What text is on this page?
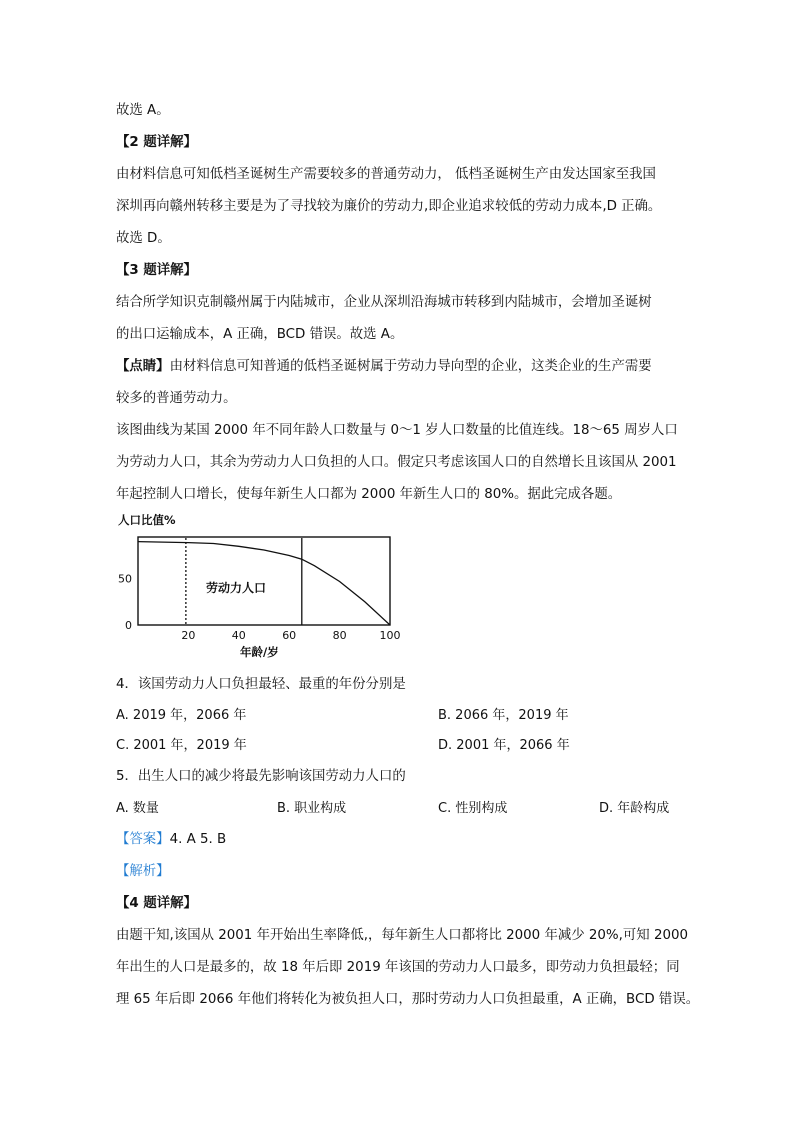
故选 A。

【2 题详解】

由材料信息可知低档圣诞树生产需要较多的普通劳动力， 低档圣诞树生产由发达国家至我国

深圳再向赣州转移主要是为了寻找较为廉价的劳动力,即企业追求较低的劳动力成本,D 正确。

故选 D。

【3 题详解】

结合所学知识克制赣州属于内陆城市，企业从深圳沿海城市转移到内陆城市，会增加圣诞树

的出口运输成本，A 正确，BCD 错误。故选 A。

【点睛】由材料信息可知普通的低档圣诞树属于劳动力导向型的企业，这类企业的生产需要

较多的普通劳动力。

该图曲线为某国 2000 年不同年龄人口数量与 0～1 岁人口数量的比值连线。18～65 周岁人口

为劳动力人口，其余为劳动力人口负担的人口。假定只考虑该国人口的自然增长且该国从 2001

年起控制人口增长，使每年新生人口都为 2000 年新生人口的 80%。据此完成各题。

人口比值%
0
50
20	40	60	80	100
劳动力人口
年龄/岁

4．该国劳动力人口负担最轻、最重的年份分别是

A. 2019 年，2066 年	B. 2066 年，2019 年
C. 2001 年，2019 年	D. 2001 年，2066 年

5．出生人口的减少将最先影响该国劳动力人口的

A. 数量	B. 职业构成	C. 性别构成	D. 年龄构成

【答案】4. A 5. B

【解析】

【4 题详解】

由题干知,该国从 2001 年开始出生率降低,，每年新生人口都将比 2000 年减少 20%,可知 2000

年出生的人口是最多的，故 18 年后即 2019 年该国的劳动力人口最多，即劳动力负担最轻；同

理 65 年后即 2066 年他们将转化为被负担人口，那时劳动力人口负担最重，A 正确，BCD 错误。
